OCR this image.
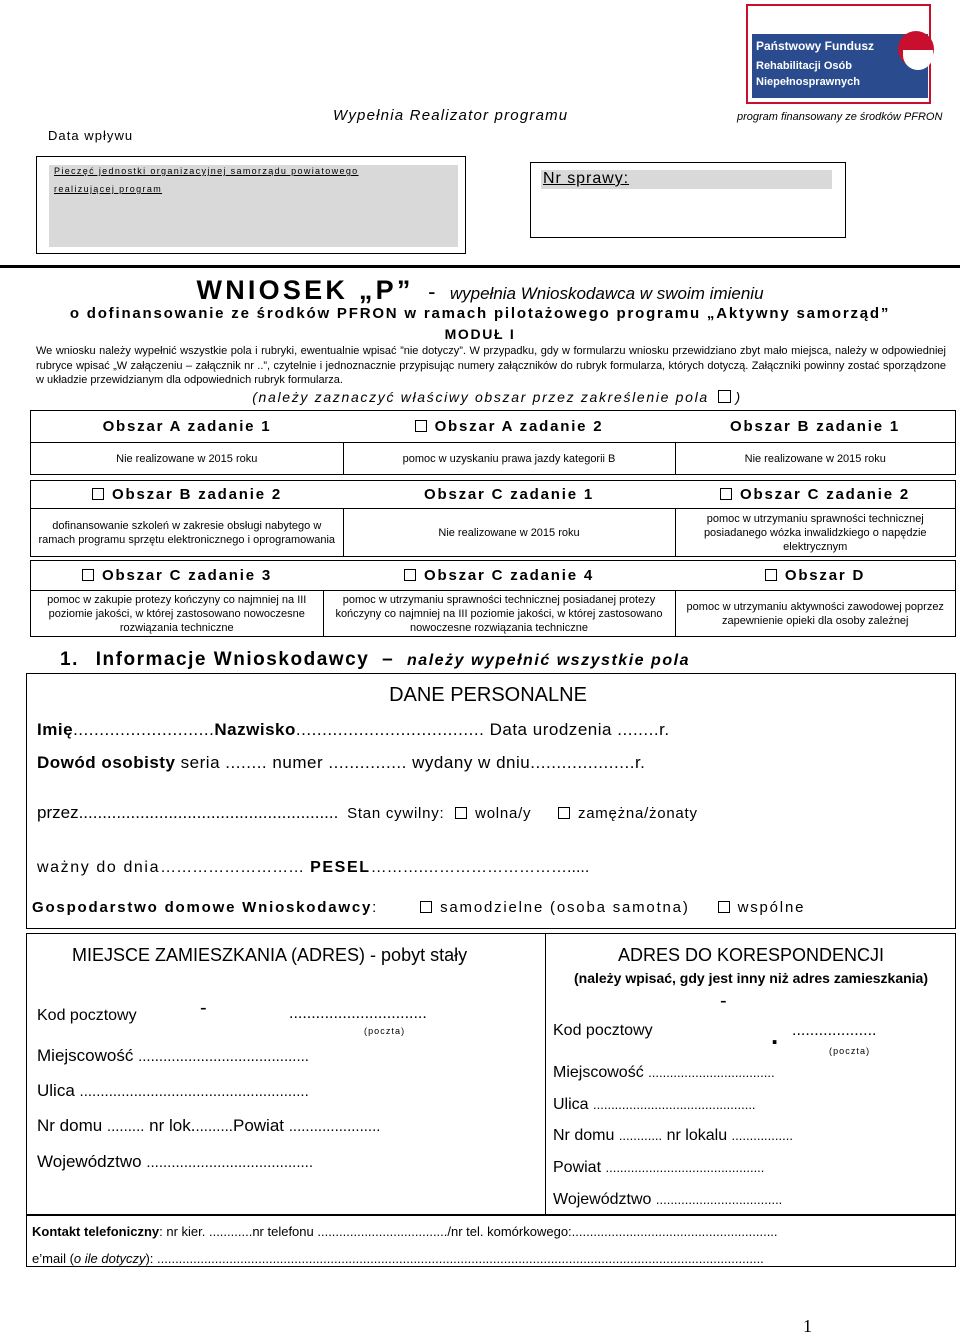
Data wpływu
Wypełnia Realizator programu	program finansowany ze środków PFRON
Państwowy Fundusz
Rehabilitacji Osób
Niepełnosprawnych
Pieczęć jednostki organizacyjnej samorządu powiatowego
realizującej program
Nr sprawy:
WNIOSEK „P” - wypełnia Wnioskodawca w swoim imieniu
o dofinansowanie ze środków PFRON w ramach pilotażowego programu „Aktywny samorząd”
MODUŁ I
We wniosku należy wypełnić wszystkie pola i rubryki, ewentualnie wpisać ”nie dotyczy”. W przypadku, gdy w formularzu wniosku przewidziano zbyt mało miejsca, należy w odpowiedniej rubryce wpisać „W załączeniu – załącznik nr ..”, czytelnie i jednoznacznie przypisując numery załączników do rubryk formularza, których dotyczą. Załączniki powinny zostać sporządzone w układzie przewidzianym dla odpowiednich rubryk formularza.
(należy zaznaczyć właściwy obszar przez zakreślenie pola )
Obszar A zadanie 1	Obszar A zadanie 2	Obszar B zadanie 1
Nie realizowane w 2015 roku	pomoc w uzyskaniu prawa jazdy kategorii B	Nie realizowane w 2015 roku
Obszar B zadanie 2	Obszar C zadanie 1	Obszar C zadanie 2
dofinansowanie szkoleń w zakresie obsługi nabytego w ramach programu sprzętu elektronicznego i oprogramowania	Nie realizowane w 2015 roku	pomoc w utrzymaniu sprawności technicznej posiadanego wózka inwalidzkiego o napędzie elektrycznym
Obszar C zadanie 3	Obszar C zadanie 4	Obszar D
pomoc w zakupie protezy kończyny co najmniej na III poziomie jakości, w której zastosowano nowoczesne rozwiązania techniczne	pomoc w utrzymaniu sprawności technicznej posiadanej protezy kończyny co najmniej na III poziomie jakości, w której zastosowano nowoczesne rozwiązania techniczne	pomoc w utrzymaniu aktywności zawodowej poprzez zapewnienie opieki dla osoby zależnej
1. Informacje Wnioskodawcy – należy wypełnić wszystkie pola
DANE PERSONALNE
Imię...........................Nazwisko.................................... Data urodzenia ........r.
Dowód osobisty seria ........ numer ............... wydany w dniu....................r.
przez....................................................... Stan cywilny: wolna/y	zamężna/żonaty
ważny do dnia……………………… PESEL……….……………………….....
Gospodarstwo domowe Wnioskodawcy:	samodzielne (osoba samotna)	wspólne
MIEJSCE ZAMIESZKANIA (ADRES) - pobyt stały	ADRES DO KORESPONDENCJI
(należy wpisać, gdy jest inny niż adres zamieszkania)
Kod pocztowy	-	...............................
(poczta)
Miejscowość .........................................
Ulica .......................................................
Nr domu ......... nr lok..........Powiat ......................
Województwo ........................................
-
Kod pocztowy	. ...................
(poczta)
Miejscowość ...................................
Ulica .............................................
Nr domu ............ nr lokalu .................
Powiat ............................................
Województwo ...................................
Kontakt telefoniczny: nr kier. ............nr telefonu ..................................../nr tel. komórkowego:.........................................................
e’mail (o ile dotyczy): ........................................................................................................................................................................
1
